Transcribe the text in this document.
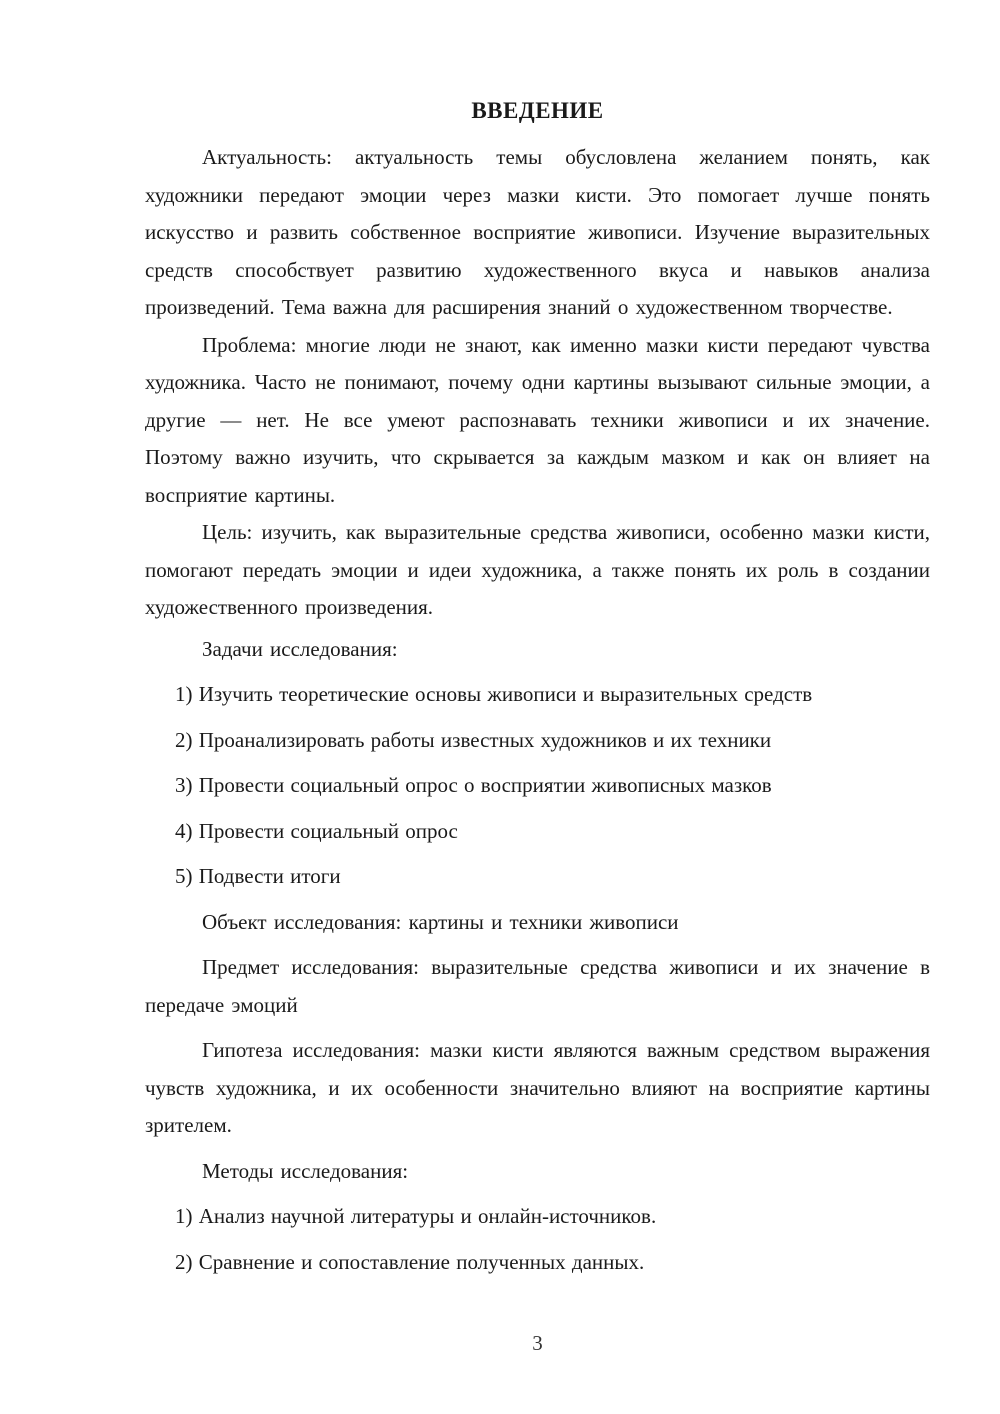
ВВЕДЕНИЕ

Актуальность: актуальность темы обусловлена желанием понять, как художники передают эмоции через мазки кисти. Это помогает лучше понять искусство и развить собственное восприятие живописи. Изучение выразительных средств способствует развитию художественного вкуса и навыков анализа произведений. Тема важна для расширения знаний о художественном творчестве.

Проблема: многие люди не знают, как именно мазки кисти передают чувства художника. Часто не понимают, почему одни картины вызывают сильные эмоции, а другие — нет. Не все умеют распознавать техники живописи и их значение. Поэтому важно изучить, что скрывается за каждым мазком и как он влияет на восприятие картины.

Цель: изучить, как выразительные средства живописи, особенно мазки кисти, помогают передать эмоции и идеи художника, а также понять их роль в создании художественного произведения.

Задачи исследования:

1) Изучить теоретические основы живописи и выразительных средств

2) Проанализировать работы известных художников и их техники

3) Провести социальный опрос о восприятии живописных мазков

4) Провести социальный опрос

5) Подвести итоги

Объект исследования: картины и техники живописи

Предмет исследования: выразительные средства живописи и их значение в передаче эмоций

Гипотеза исследования: мазки кисти являются важным средством выражения чувств художника, и их особенности значительно влияют на восприятие картины зрителем.

Методы исследования:

1) Анализ научной литературы и онлайн-источников.

2) Сравнение и сопоставление полученных данных.

3
